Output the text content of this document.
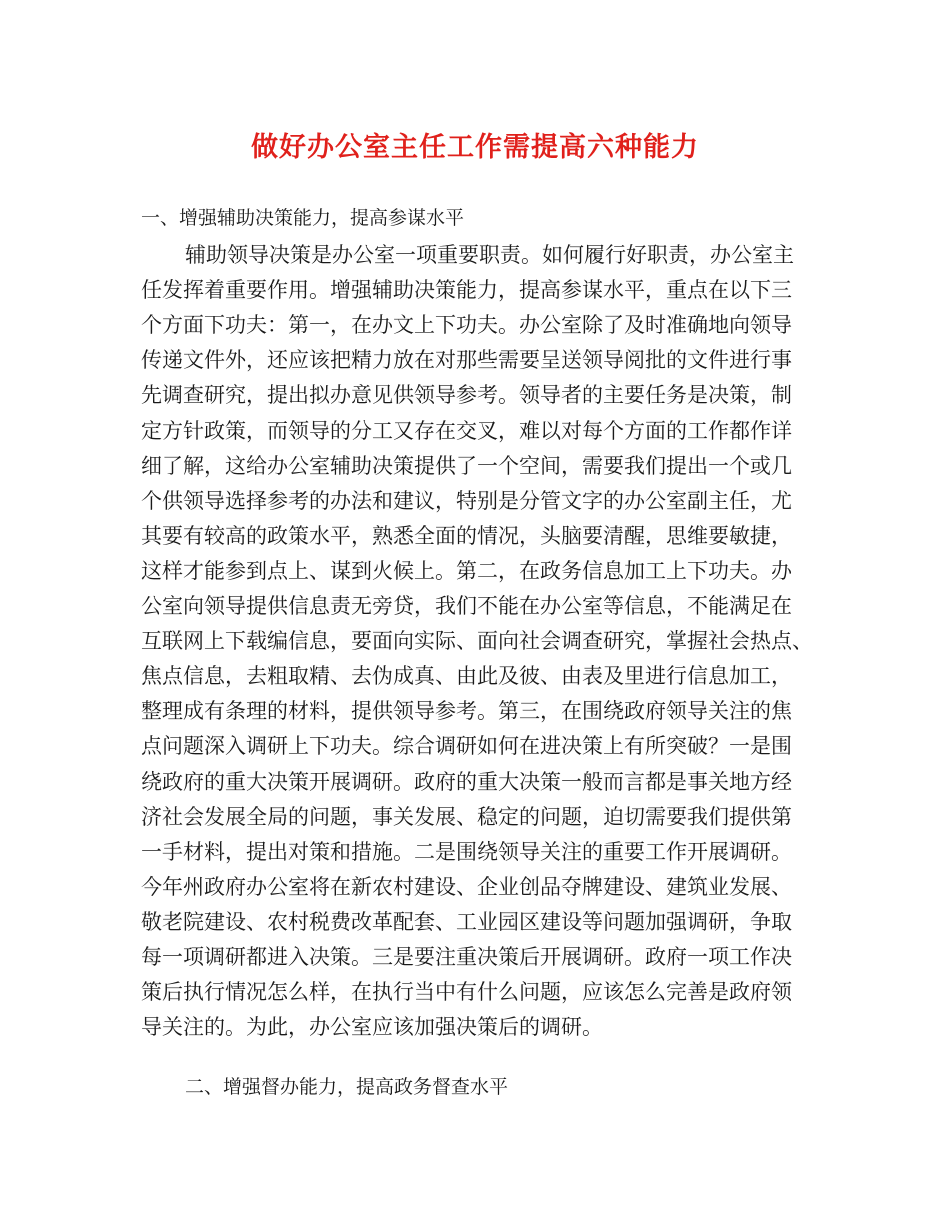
做好办公室主任工作需提高六种能力

一、增强辅助决策能力，提高参谋水平

辅助领导决策是办公室一项重要职责。如何履行好职责，办公室主

任发挥着重要作用。增强辅助决策能力，提高参谋水平，重点在以下三

个方面下功夫：第一，在办文上下功夫。办公室除了及时准确地向领导

传递文件外，还应该把精力放在对那些需要呈送领导阅批的文件进行事

先调查研究，提出拟办意见供领导参考。领导者的主要任务是决策，制

定方针政策，而领导的分工又存在交叉，难以对每个方面的工作都作详

细了解，这给办公室辅助决策提供了一个空间，需要我们提出一个或几

个供领导选择参考的办法和建议，特别是分管文字的办公室副主任，尤

其要有较高的政策水平，熟悉全面的情况，头脑要清醒，思维要敏捷，

这样才能参到点上、谋到火候上。第二，在政务信息加工上下功夫。办

公室向领导提供信息责无旁贷，我们不能在办公室等信息，不能满足在

互联网上下载编信息，要面向实际、面向社会调查研究，掌握社会热点、

焦点信息，去粗取精、去伪成真、由此及彼、由表及里进行信息加工，

整理成有条理的材料，提供领导参考。第三，在围绕政府领导关注的焦

点问题深入调研上下功夫。综合调研如何在进决策上有所突破？一是围

绕政府的重大决策开展调研。政府的重大决策一般而言都是事关地方经

济社会发展全局的问题，事关发展、稳定的问题，迫切需要我们提供第

一手材料，提出对策和措施。二是围绕领导关注的重要工作开展调研。

今年州政府办公室将在新农村建设、企业创品夺牌建设、建筑业发展、

敬老院建设、农村税费改革配套、工业园区建设等问题加强调研，争取

每一项调研都进入决策。三是要注重决策后开展调研。政府一项工作决

策后执行情况怎么样，在执行当中有什么问题，应该怎么完善是政府领

导关注的。为此，办公室应该加强决策后的调研。

二、增强督办能力，提高政务督查水平
